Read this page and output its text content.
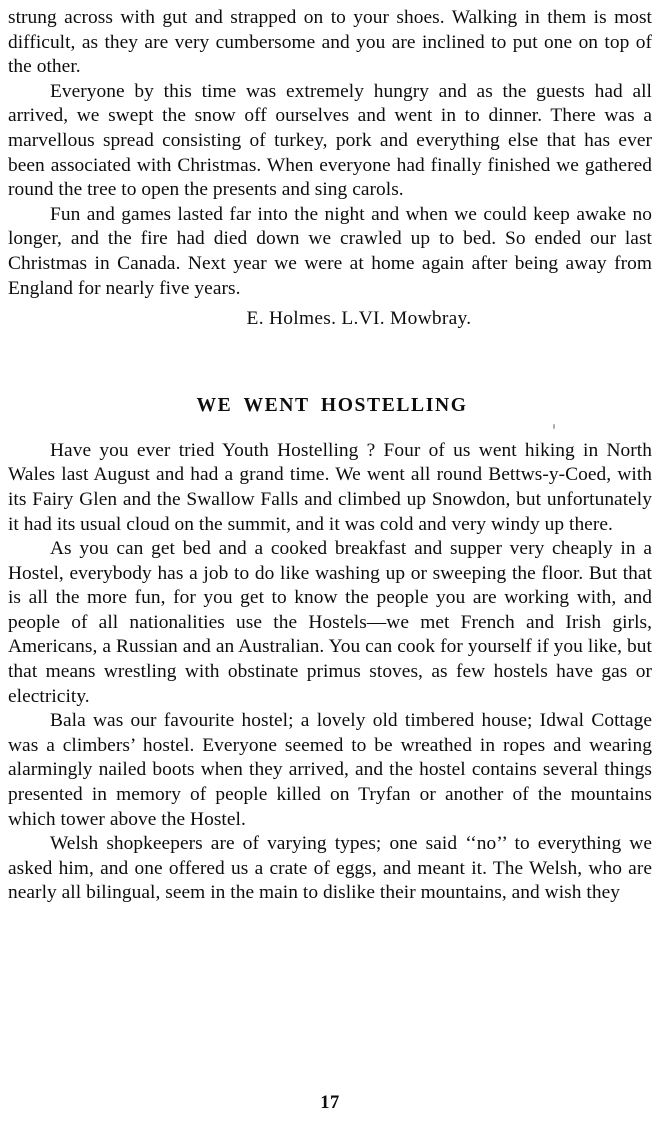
strung across with gut and strapped on to your shoes. Walking in them is most difficult, as they are very cumbersome and you are inclined to put one on top of the other.

Everyone by this time was extremely hungry and as the guests had all arrived, we swept the snow off ourselves and went in to dinner. There was a marvellous spread consisting of turkey, pork and everything else that has ever been associated with Christmas. When everyone had finally finished we gathered round the tree to open the presents and sing carols.

Fun and games lasted far into the night and when we could keep awake no longer, and the fire had died down we crawled up to bed. So ended our last Christmas in Canada. Next year we were at home again after being away from England for nearly five years.

E. Holmes. L.VI. Mowbray.

WE WENT HOSTELLING

Have you ever tried Youth Hostelling ? Four of us went hiking in North Wales last August and had a grand time. We went all round Bettws-y-Coed, with its Fairy Glen and the Swallow Falls and climbed up Snowdon, but unfortunately it had its usual cloud on the summit, and it was cold and very windy up there.

As you can get bed and a cooked breakfast and supper very cheaply in a Hostel, everybody has a job to do like washing up or sweeping the floor. But that is all the more fun, for you get to know the people you are working with, and people of all nationalities use the Hostels—we met French and Irish girls, Americans, a Russian and an Australian. You can cook for yourself if you like, but that means wrestling with obstinate primus stoves, as few hostels have gas or electricity.

Bala was our favourite hostel; a lovely old timbered house; Idwal Cottage was a climbers’ hostel. Everyone seemed to be wreathed in ropes and wearing alarmingly nailed boots when they arrived, and the hostel contains several things presented in memory of people killed on Tryfan or another of the mountains which tower above the Hostel.

Welsh shopkeepers are of varying types; one said ‘‘no’’ to everything we asked him, and one offered us a crate of eggs, and meant it. The Welsh, who are nearly all bilingual, seem in the main to dislike their mountains, and wish they

17
